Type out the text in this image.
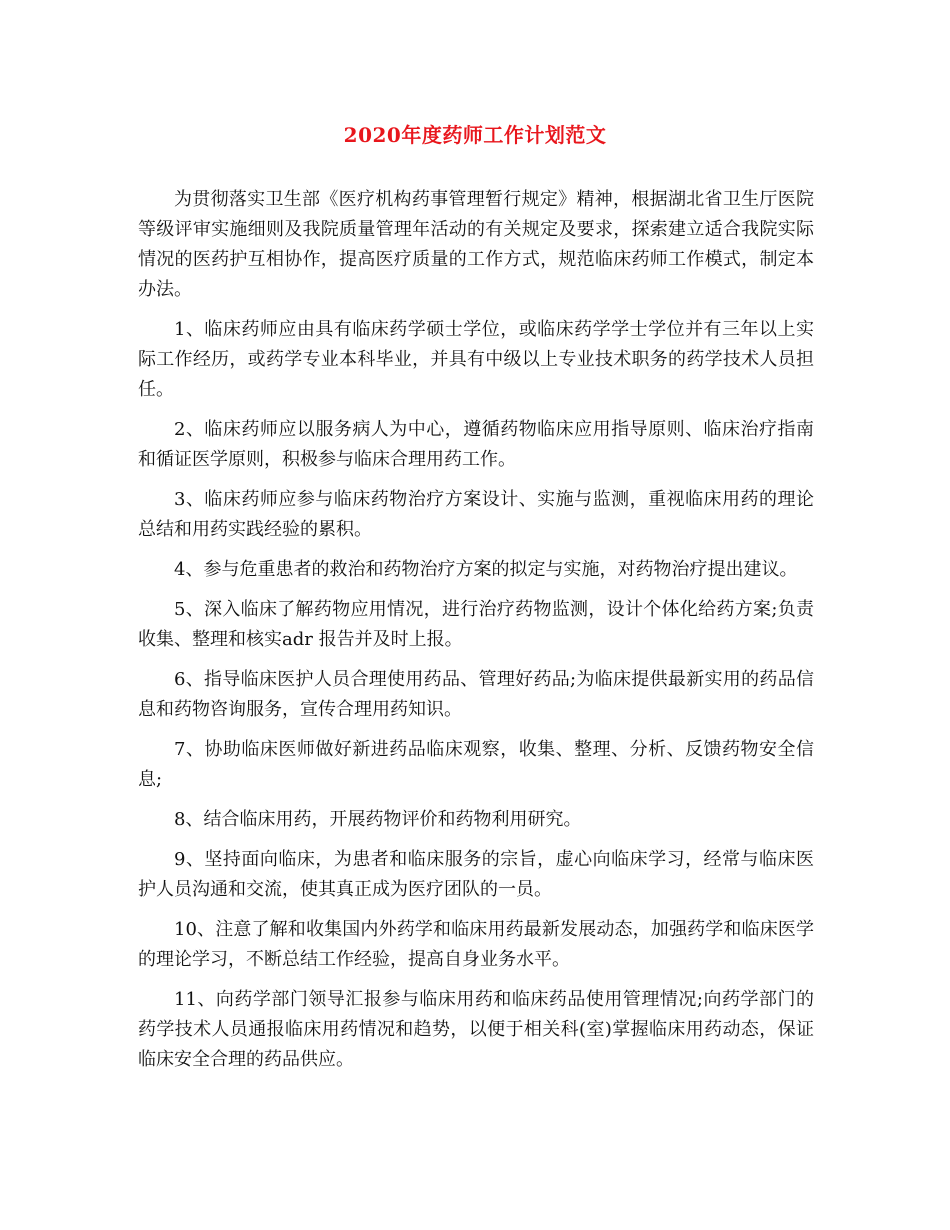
2020年度药师工作计划范文

为贯彻落实卫生部《医疗机构药事管理暂行规定》精神，根据湖北省卫生厅医院等级评审实施细则及我院质量管理年活动的有关规定及要求，探索建立适合我院实际情况的医药护互相协作，提高医疗质量的工作方式，规范临床药师工作模式，制定本办法。

1、临床药师应由具有临床药学硕士学位，或临床药学学士学位并有三年以上实际工作经历，或药学专业本科毕业，并具有中级以上专业技术职务的药学技术人员担任。

2、临床药师应以服务病人为中心，遵循药物临床应用指导原则、临床治疗指南和循证医学原则，积极参与临床合理用药工作。

3、临床药师应参与临床药物治疗方案设计、实施与监测，重视临床用药的理论总结和用药实践经验的累积。

4、参与危重患者的救治和药物治疗方案的拟定与实施，对药物治疗提出建议。

5、深入临床了解药物应用情况，进行治疗药物监测，设计个体化给药方案;负责收集、整理和核实adr 报告并及时上报。

6、指导临床医护人员合理使用药品、管理好药品;为临床提供最新实用的药品信息和药物咨询服务，宣传合理用药知识。

7、协助临床医师做好新进药品临床观察，收集、整理、分析、反馈药物安全信息;

8、结合临床用药，开展药物评价和药物利用研究。

9、坚持面向临床，为患者和临床服务的宗旨，虚心向临床学习，经常与临床医护人员沟通和交流，使其真正成为医疗团队的一员。

10、注意了解和收集国内外药学和临床用药最新发展动态，加强药学和临床医学的理论学习，不断总结工作经验，提高自身业务水平。

11、向药学部门领导汇报参与临床用药和临床药品使用管理情况;向药学部门的药学技术人员通报临床用药情况和趋势，以便于相关科(室)掌握临床用药动态，保证临床安全合理的药品供应。
